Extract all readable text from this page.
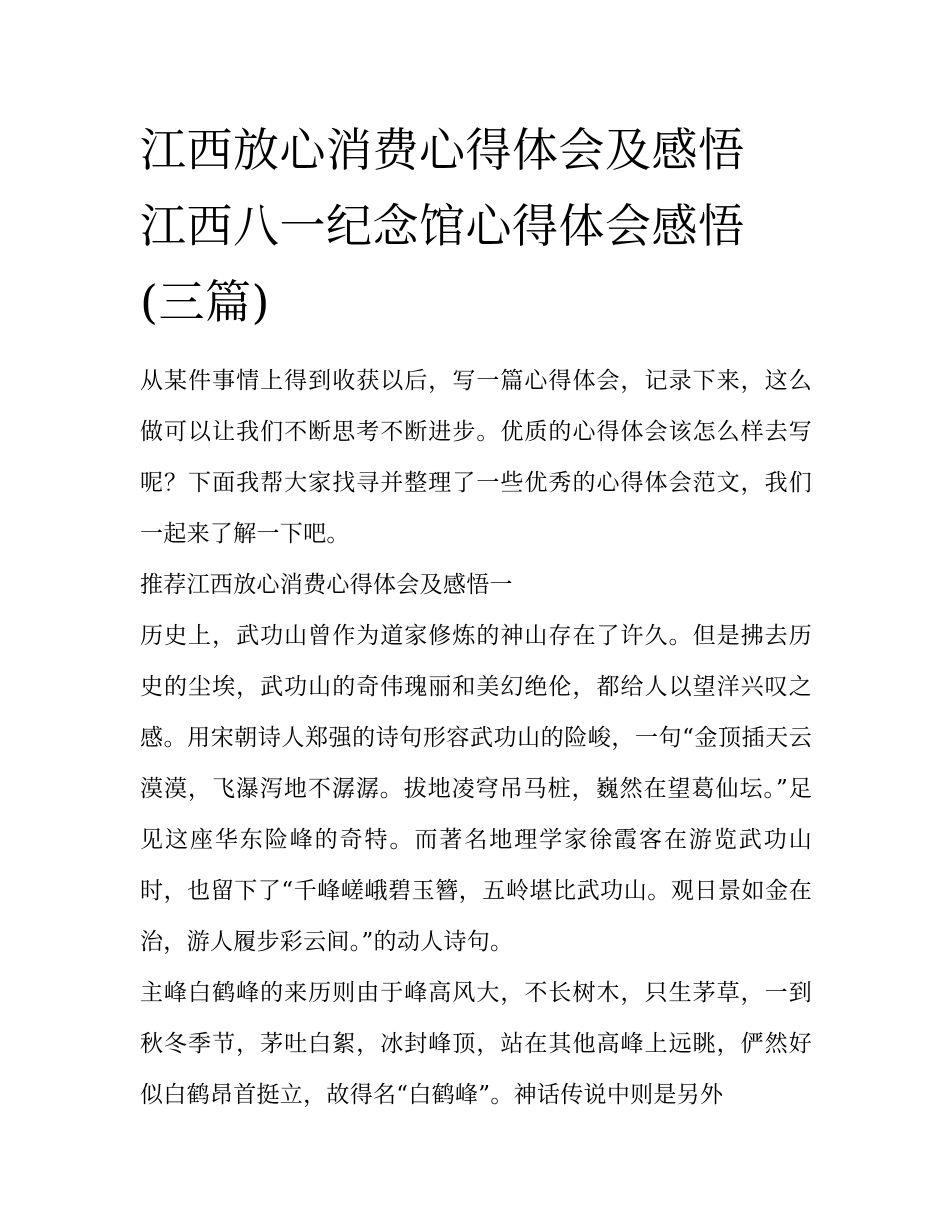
江西放心消费心得体会及感悟
江西八一纪念馆心得体会感悟
(三篇)

从某件事情上得到收获以后，写一篇心得体会，记录下来，这么做可以让我们不断思考不断进步。优质的心得体会该怎么样去写呢？下面我帮大家找寻并整理了一些优秀的心得体会范文，我们一起来了解一下吧。

推荐江西放心消费心得体会及感悟一

历史上，武功山曾作为道家修炼的神山存在了许久。但是拂去历史的尘埃，武功山的奇伟瑰丽和美幻绝伦，都给人以望洋兴叹之感。用宋朝诗人郑强的诗句形容武功山的险峻，一句“金顶插天云漠漠，飞瀑泻地不潺潺。拔地凌穹吊马桩，巍然在望葛仙坛。”足见这座华东险峰的奇特。而著名地理学家徐霞客在游览武功山时，也留下了“千峰嵯峨碧玉簪，五岭堪比武功山。观日景如金在治，游人履步彩云间。”的动人诗句。

主峰白鹤峰的来历则由于峰高风大，不长树木，只生茅草，一到秋冬季节，茅吐白絮，冰封峰顶，站在其他高峰上远眺，俨然好似白鹤昂首挺立，故得名“白鹤峰”。神话传说中则是另外
